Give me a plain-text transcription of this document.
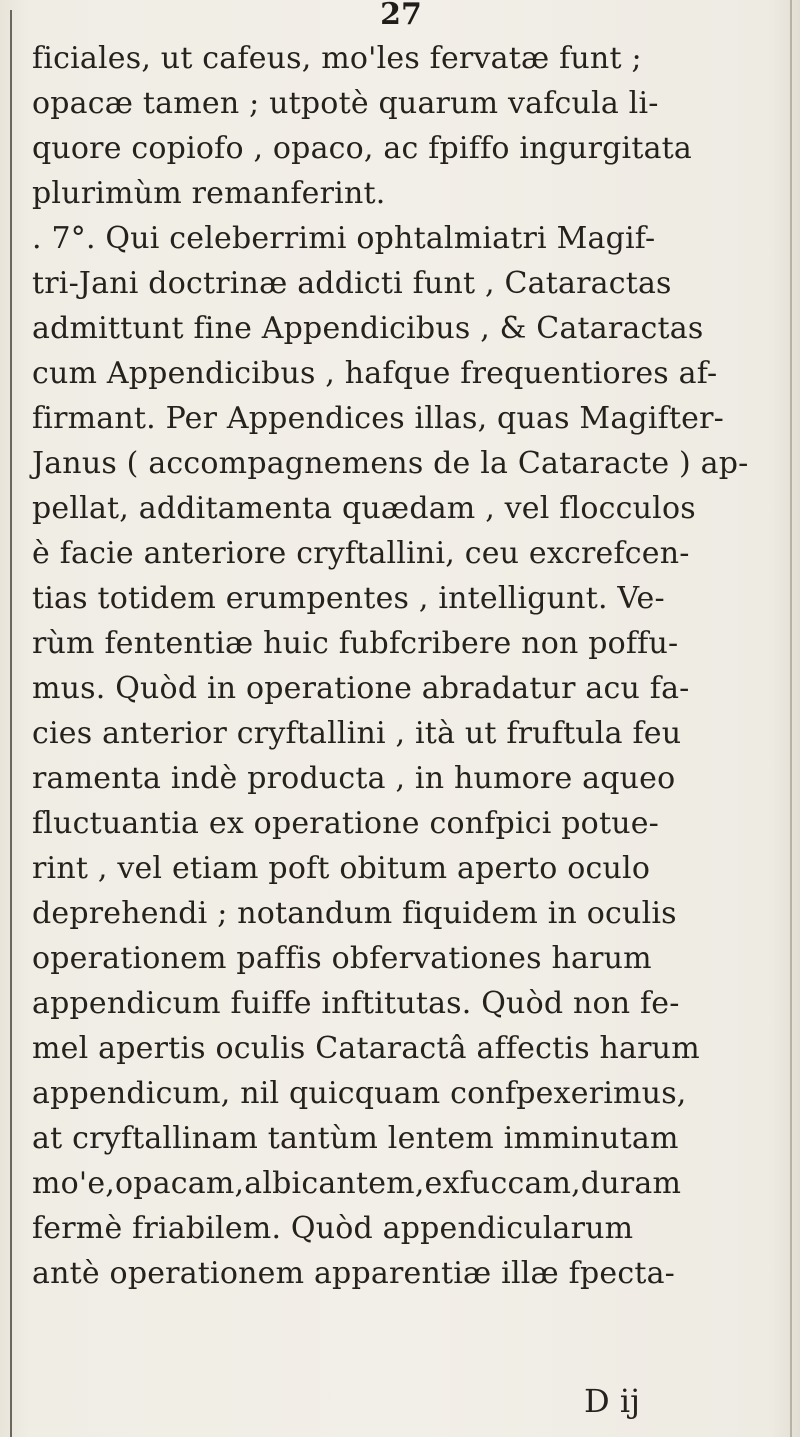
27
ficiales, ut cafeus, mo'les fervatæ funt ;
opacæ tamen ; utpotè quarum vafcula li-
quore copiofo , opaco, ac fpiffo ingurgitata
plurimùm remanferint.
. 7°. Qui celeberrimi ophtalmiatri Magif-
tri-Jani doctrinæ addicti funt , Cataractas
admittunt fine Appendicibus , & Cataractas
cum Appendicibus , hafque frequentiores af-
firmant. Per Appendices illas, quas Magifter-
Janus ( accompagnemens de la Cataracte ) ap-
pellat, additamenta quædam , vel flocculos
è facie anteriore cryftallini, ceu excrefcen-
tias totidem erumpentes , intelligunt. Ve-
rùm fententiæ huic fubfcribere non poffu-
mus. Quòd in operatione abradatur acu fa-
cies anterior cryftallini , ità ut fruftula feu
ramenta indè producta , in humore aqueo
fluctuantia ex operatione confpici potue-
rint , vel etiam poft obitum aperto oculo
deprehendi ; notandum fiquidem in oculis
operationem paffis obfervationes harum
appendicum fuiffe inftitutas. Quòd non fe-
mel apertis oculis Cataractâ affectis harum
appendicum, nil quicquam confpexerimus,
at cryftallinam tantùm lentem imminutam
mo'e,opacam,albicantem,exfuccam,duram
fermè friabilem. Quòd appendicularum
antè operationem apparentiæ illæ fpecta-
D ij
